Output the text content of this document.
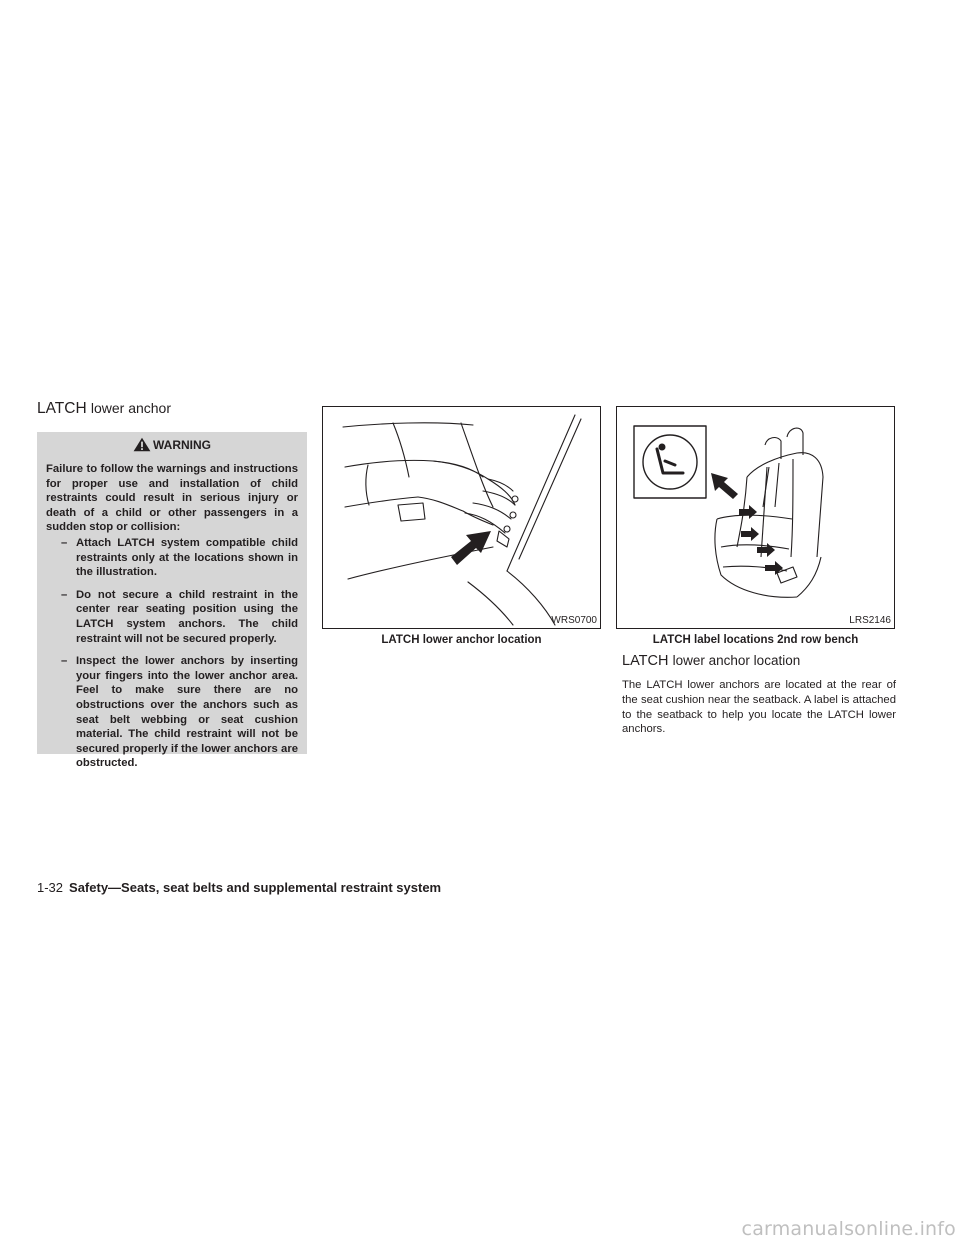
LATCH lower anchor
WARNING

Failure to follow the warnings and instructions for proper use and installation of child restraints could result in serious injury or death of a child or other passengers in a sudden stop or collision:

– Attach LATCH system compatible child restraints only at the locations shown in the illustration.
– Do not secure a child restraint in the center rear seating position using the LATCH system anchors. The child restraint will not be secured properly.
– Inspect the lower anchors by inserting your fingers into the lower anchor area. Feel to make sure there are no obstructions over the anchors such as seat belt webbing or seat cushion material. The child restraint will not be secured properly if the lower anchors are obstructed.
WRS0700
LATCH lower anchor location
LRS2146
LATCH label locations 2nd row bench
LATCH lower anchor location
The LATCH lower anchors are located at the rear of the seat cushion near the seatback. A label is attached to the seatback to help you locate the LATCH lower anchors.
1-32 Safety—Seats, seat belts and supplemental restraint system
carmanualsonline.info
